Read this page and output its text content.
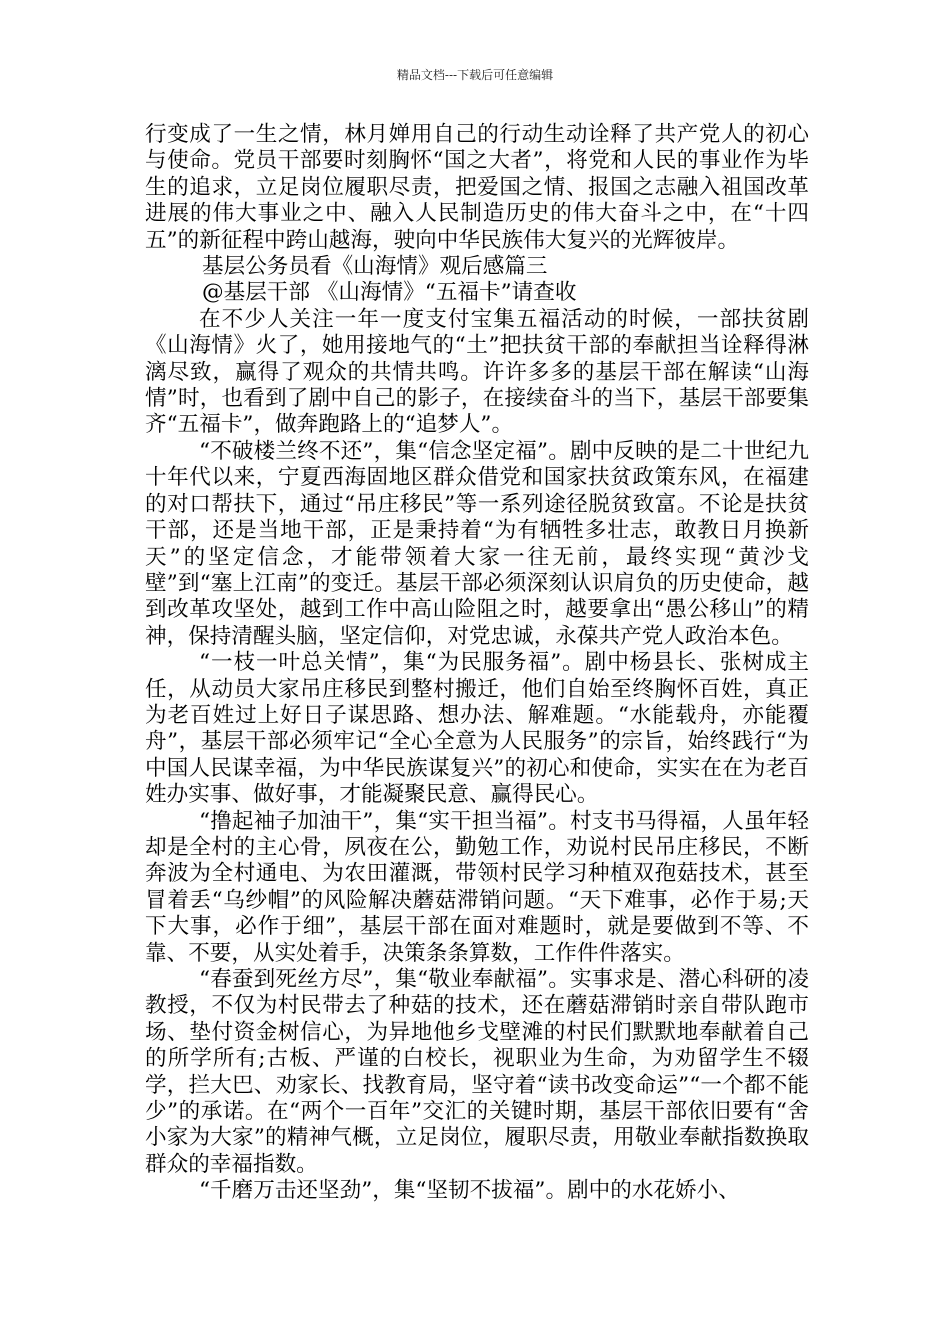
精品文档---下载后可任意编辑

行变成了一生之情，林月婵用自己的行动生动诠释了共产党人的初心与使命。党员干部要时刻胸怀“国之大者”，将党和人民的事业作为毕生的追求，立足岗位履职尽责，把爱国之情、报国之志融入祖国改革进展的伟大事业之中、融入人民制造历史的伟大奋斗之中，在“十四五”的新征程中跨山越海，驶向中华民族伟大复兴的光辉彼岸。

基层公务员看《山海情》观后感篇三

@基层干部 《山海情》“五福卡”请查收

在不少人关注一年一度支付宝集五福活动的时候，一部扶贫剧《山海情》火了，她用接地气的“土”把扶贫干部的奉献担当诠释得淋漓尽致，赢得了观众的共情共鸣。许许多多的基层干部在解读“山海情”时，也看到了剧中自己的影子，在接续奋斗的当下，基层干部要集齐“五福卡”，做奔跑路上的“追梦人”。

“不破楼兰终不还”，集“信念坚定福”。剧中反映的是二十世纪九十年代以来，宁夏西海固地区群众借党和国家扶贫政策东风，在福建的对口帮扶下，通过“吊庄移民”等一系列途径脱贫致富。不论是扶贫干部，还是当地干部，正是秉持着“为有牺牲多壮志，敢教日月换新天”的坚定信念，才能带领着大家一往无前，最终实现“黄沙戈壁”到“塞上江南”的变迁。基层干部必须深刻认识肩负的历史使命，越到改革攻坚处，越到工作中高山险阻之时，越要拿出“愚公移山”的精神，保持清醒头脑，坚定信仰，对党忠诚，永葆共产党人政治本色。

“一枝一叶总关情”，集“为民服务福”。剧中杨县长、张树成主任，从动员大家吊庄移民到整村搬迁，他们自始至终胸怀百姓，真正为老百姓过上好日子谋思路、想办法、解难题。“水能载舟，亦能覆舟”，基层干部必须牢记“全心全意为人民服务”的宗旨，始终践行“为中国人民谋幸福，为中华民族谋复兴”的初心和使命，实实在在为老百姓办实事、做好事，才能凝聚民意、赢得民心。

“撸起袖子加油干”，集“实干担当福”。村支书马得福，人虽年轻却是全村的主心骨，夙夜在公，勤勉工作，劝说村民吊庄移民，不断奔波为全村通电、为农田灌溉，带领村民学习种植双孢菇技术，甚至冒着丢“乌纱帽”的风险解决蘑菇滞销问题。“天下难事，必作于易;天下大事，必作于细”，基层干部在面对难题时，就是要做到不等、不靠、不要，从实处着手，决策条条算数，工作件件落实。

“春蚕到死丝方尽”，集“敬业奉献福”。实事求是、潜心科研的凌教授，不仅为村民带去了种菇的技术，还在蘑菇滞销时亲自带队跑市场、垫付资金树信心，为异地他乡戈壁滩的村民们默默地奉献着自己的所学所有;古板、严谨的白校长，视职业为生命，为劝留学生不辍学，拦大巴、劝家长、找教育局，坚守着“读书改变命运”“一个都不能少”的承诺。在“两个一百年”交汇的关键时期，基层干部依旧要有“舍小家为大家”的精神气概，立足岗位，履职尽责，用敬业奉献指数换取群众的幸福指数。

“千磨万击还坚劲”，集“坚韧不拔福”。剧中的水花娇小、
